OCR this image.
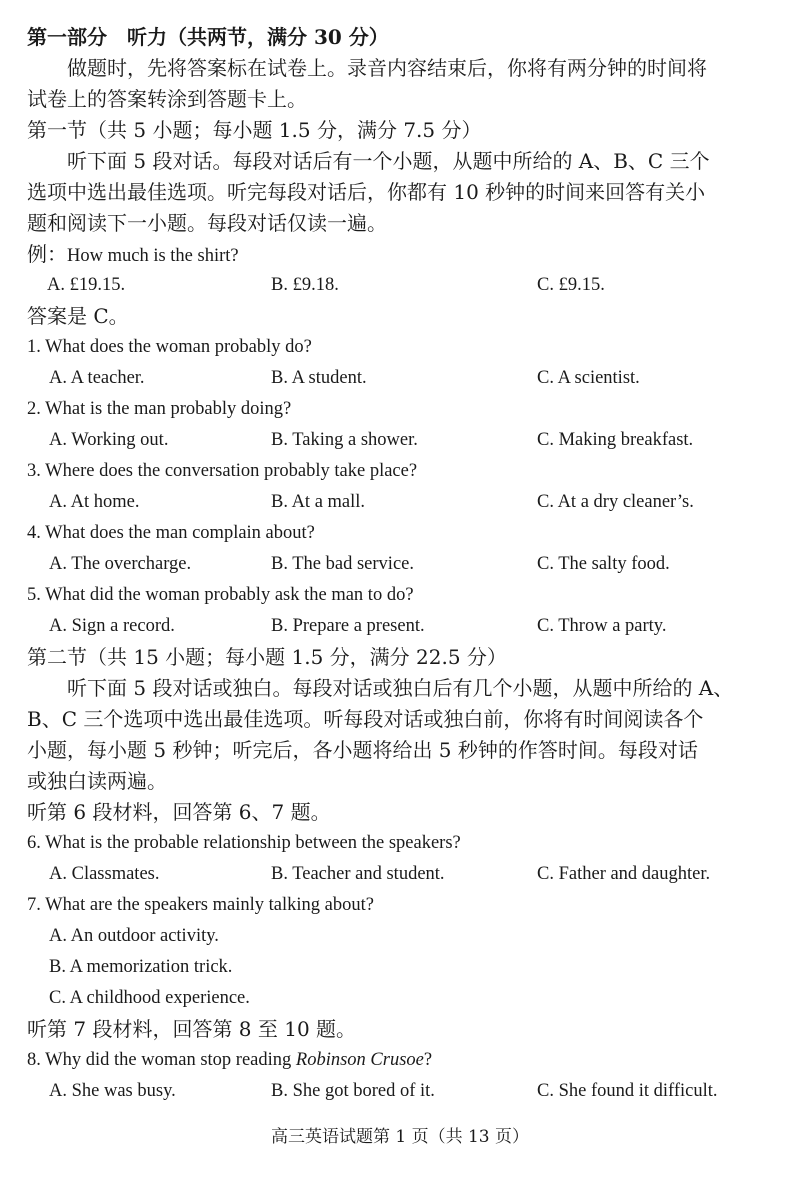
第一部分　听力（共两节，满分 30 分）
做题时，先将答案标在试卷上。录音内容结束后，你将有两分钟的时间将
试卷上的答案转涂到答题卡上。
第一节（共 5 小题；每小题 1.5 分，满分 7.5 分）
听下面 5 段对话。每段对话后有一个小题，从题中所给的 A、B、C 三个
选项中选出最佳选项。听完每段对话后，你都有 10 秒钟的时间来回答有关小
题和阅读下一小题。每段对话仅读一遍。
例：How much is the shirt?
A. £19.15.	B. £9.18.	C. £9.15.
答案是 C。
1. What does the woman probably do?
A. A teacher.	B. A student.	C. A scientist.
2. What is the man probably doing?
A. Working out.	B. Taking a shower.	C. Making breakfast.
3. Where does the conversation probably take place?
A. At home.	B. At a mall.	C. At a dry cleaner’s.
4. What does the man complain about?
A. The overcharge.	B. The bad service.	C. The salty food.
5. What did the woman probably ask the man to do?
A. Sign a record.	B. Prepare a present.	C. Throw a party.
第二节（共 15 小题；每小题 1.5 分，满分 22.5 分）
听下面 5 段对话或独白。每段对话或独白后有几个小题，从题中所给的 A、
B、C 三个选项中选出最佳选项。听每段对话或独白前，你将有时间阅读各个
小题，每小题 5 秒钟；听完后，各小题将给出 5 秒钟的作答时间。每段对话
或独白读两遍。
听第 6 段材料，回答第 6、7 题。
6. What is the probable relationship between the speakers?
A. Classmates.	B. Teacher and student.	C. Father and daughter.
7. What are the speakers mainly talking about?
A. An outdoor activity.
B. A memorization trick.
C. A childhood experience.
听第 7 段材料，回答第 8 至 10 题。
8. Why did the woman stop reading Robinson Crusoe?
A. She was busy.	B. She got bored of it.	C. She found it difficult.
高三英语试题第 1 页（共 13 页）
